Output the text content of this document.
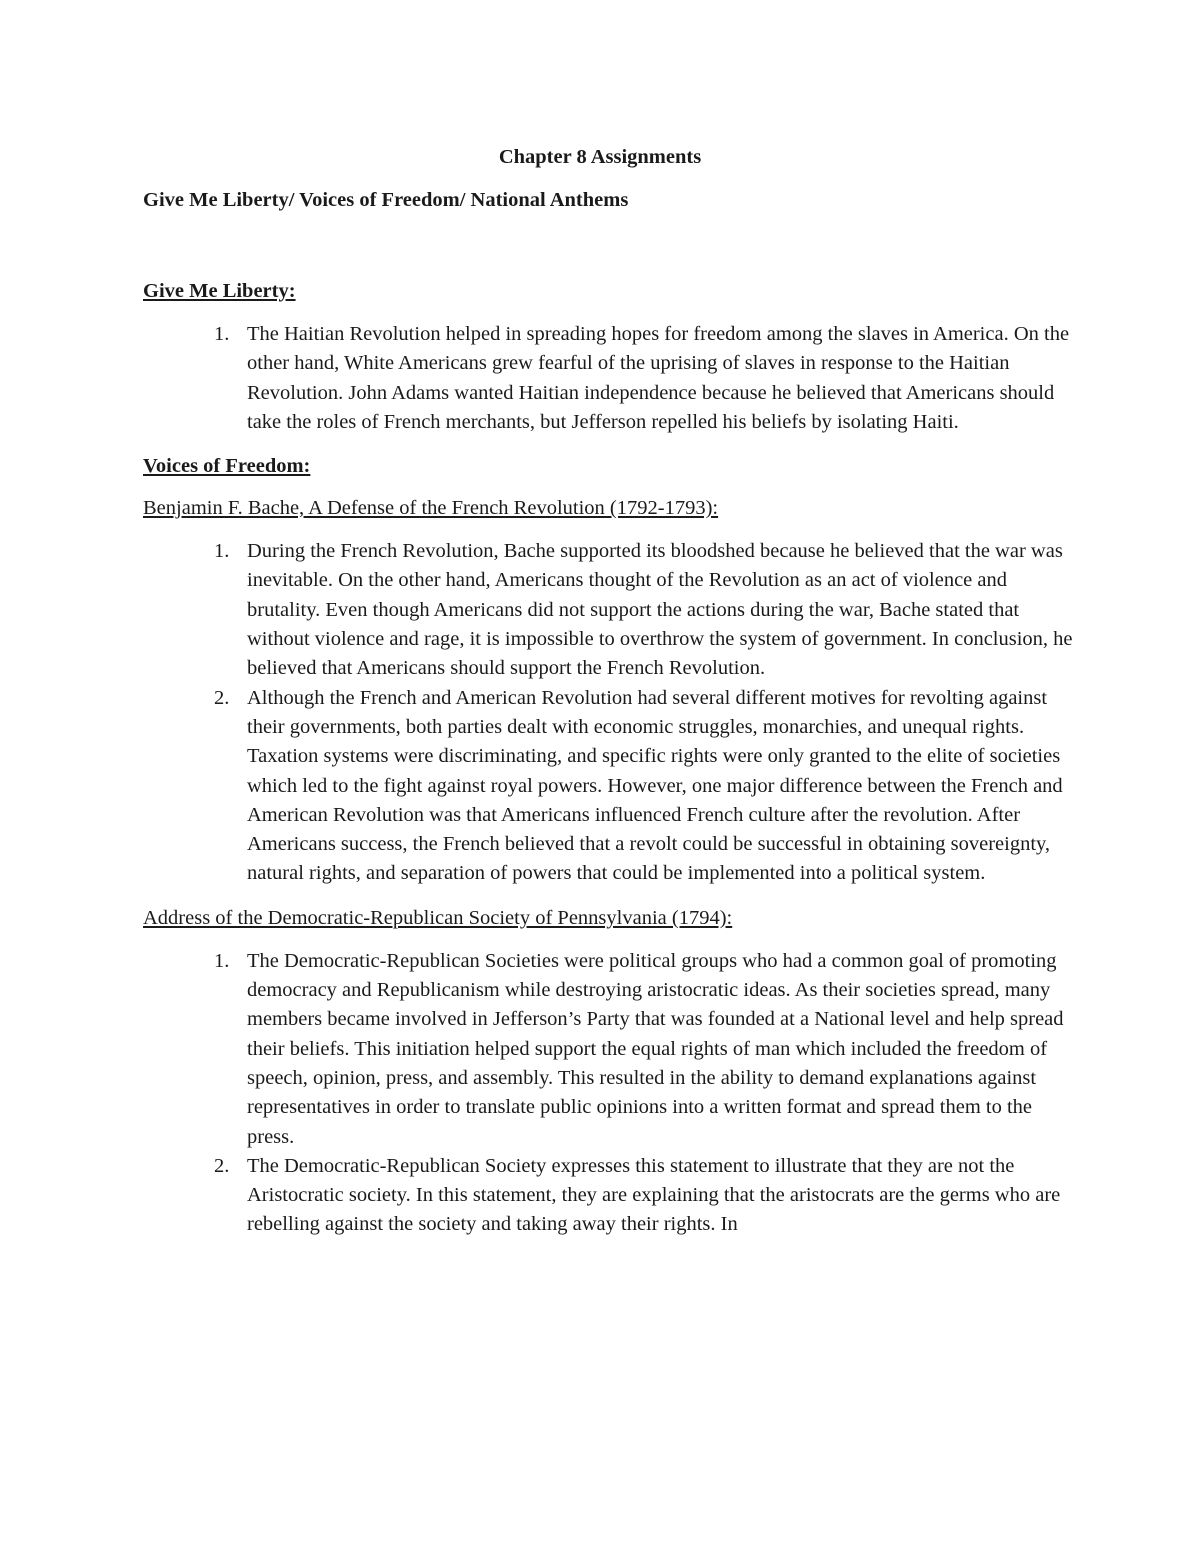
Chapter 8 Assignments
Give Me Liberty/ Voices of Freedom/ National Anthems
Give Me Liberty:
1. The Haitian Revolution helped in spreading hopes for freedom among the slaves in America. On the other hand, White Americans grew fearful of the uprising of slaves in response to the Haitian Revolution. John Adams wanted Haitian independence because he believed that Americans should take the roles of French merchants, but Jefferson repelled his beliefs by isolating Haiti.
Voices of Freedom:
Benjamin F. Bache, A Defense of the French Revolution (1792-1793):
1. During the French Revolution, Bache supported its bloodshed because he believed that the war was inevitable. On the other hand, Americans thought of the Revolution as an act of violence and brutality. Even though Americans did not support the actions during the war, Bache stated that without violence and rage, it is impossible to overthrow the system of government. In conclusion, he believed that Americans should support the French Revolution.
2. Although the French and American Revolution had several different motives for revolting against their governments, both parties dealt with economic struggles, monarchies, and unequal rights. Taxation systems were discriminating, and specific rights were only granted to the elite of societies which led to the fight against royal powers. However, one major difference between the French and American Revolution was that Americans influenced French culture after the revolution. After Americans success, the French believed that a revolt could be successful in obtaining sovereignty, natural rights, and separation of powers that could be implemented into a political system.
Address of the Democratic-Republican Society of Pennsylvania (1794):
1. The Democratic-Republican Societies were political groups who had a common goal of promoting democracy and Republicanism while destroying aristocratic ideas. As their societies spread, many members became involved in Jefferson’s Party that was founded at a National level and help spread their beliefs. This initiation helped support the equal rights of man which included the freedom of speech, opinion, press, and assembly. This resulted in the ability to demand explanations against representatives in order to translate public opinions into a written format and spread them to the press.
2. The Democratic-Republican Society expresses this statement to illustrate that they are not the Aristocratic society. In this statement, they are explaining that the aristocrats are the germs who are rebelling against the society and taking away their rights. In
